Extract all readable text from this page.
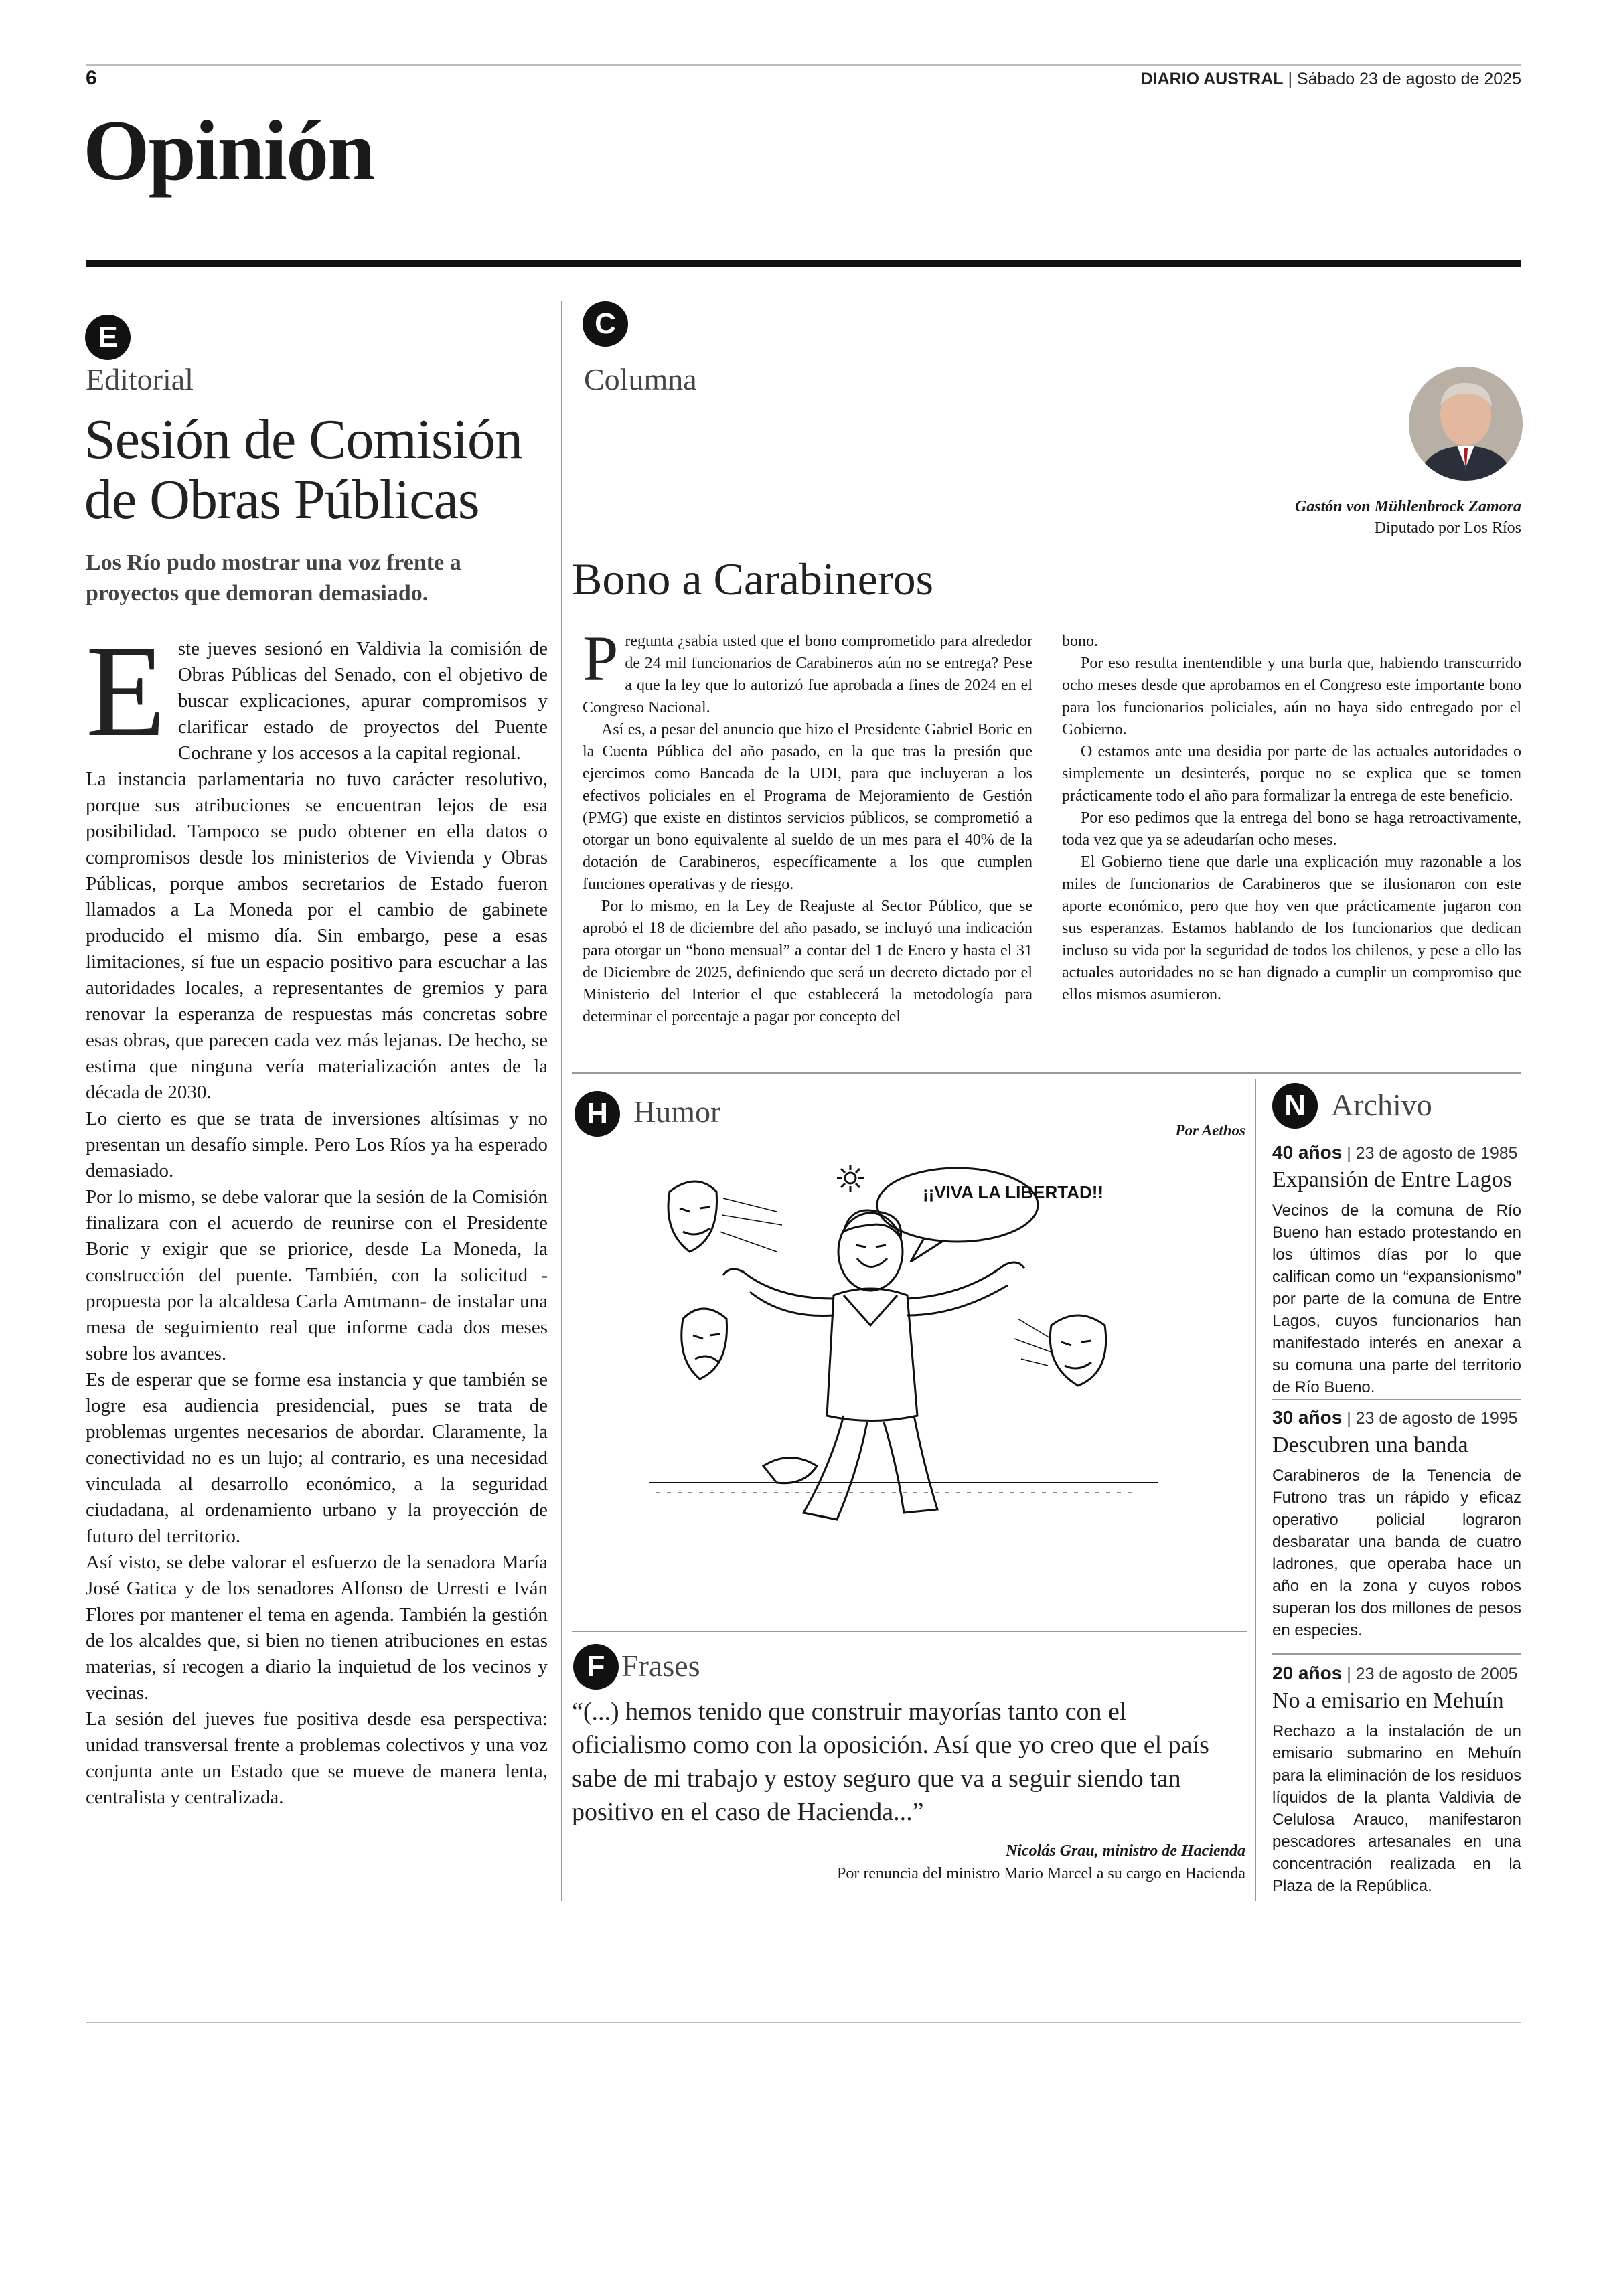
6	DIARIO AUSTRAL | Sábado 23 de agosto de 2025
Opinión
E
Editorial
Sesión de Comisión de Obras Públicas
Los Río pudo mostrar una voz frente a proyectos que demoran demasiado.
E ste jueves sesionó en Valdivia la comisión de Obras Públicas del Senado, con el objetivo de buscar explicaciones, apurar compromisos y clarificar estado de proyectos del Puente Cochrane y los accesos a la capital regional.

La instancia parlamentaria no tuvo carácter resolutivo, porque sus atribuciones se encuentran lejos de esa posibilidad. Tampoco se pudo obtener en ella datos o compromisos desde los ministerios de Vivienda y Obras Públicas, porque ambos secretarios de Estado fueron llamados a La Moneda por el cambio de gabinete producido el mismo día. Sin embargo, pese a esas limitaciones, sí fue un espacio positivo para escuchar a las autoridades locales, a representantes de gremios y para renovar la esperanza de respuestas más concretas sobre esas obras, que parecen cada vez más lejanas. De hecho, se estima que ninguna vería materialización antes de la década de 2030.

Lo cierto es que se trata de inversiones altísimas y no presentan un desafío simple. Pero Los Ríos ya ha esperado demasiado.

Por lo mismo, se debe valorar que la sesión de la Comisión finalizara con el acuerdo de reunirse con el Presidente Boric y exigir que se priorice, desde La Moneda, la construcción del puente. También, con la solicitud -propuesta por la alcaldesa Carla Amtmann- de instalar una mesa de seguimiento real que informe cada dos meses sobre los avances.

Es de esperar que se forme esa instancia y que también se logre esa audiencia presidencial, pues se trata de problemas urgentes necesarios de abordar. Claramente, la conectividad no es un lujo; al contrario, es una necesidad vinculada al desarrollo económico, a la seguridad ciudadana, al ordenamiento urbano y la proyección de futuro del territorio.

Así visto, se debe valorar el esfuerzo de la senadora María José Gatica y de los senadores Alfonso de Urresti e Iván Flores por mantener el tema en agenda. También la gestión de los alcaldes que, si bien no tienen atribuciones en estas materias, sí recogen a diario la inquietud de los vecinos y vecinas.

La sesión del jueves fue positiva desde esa perspectiva: unidad transversal frente a problemas colectivos y una voz conjunta ante un Estado que se mueve de manera lenta, centralista y centralizada.

C
Columna
Gastón von Mühlenbrock Zamora
Diputado por Los Ríos
Bono a Carabineros
P regunta ¿sabía usted que el bono comprometido para alrededor de 24 mil funcionarios de Carabineros aún no se entrega? Pese a que la ley que lo autorizó fue aprobada a fines de 2024 en el Congreso Nacional.

Así es, a pesar del anuncio que hizo el Presidente Gabriel Boric en la Cuenta Pública del año pasado, en la que tras la presión que ejercimos como Bancada de la UDI, para que incluyeran a los efectivos policiales en el Programa de Mejoramiento de Gestión (PMG) que existe en distintos servicios públicos, se comprometió a otorgar un bono equivalente al sueldo de un mes para el 40% de la dotación de Carabineros, específicamente a los que cumplen funciones operativas y de riesgo.

Por lo mismo, en la Ley de Reajuste al Sector Público, que se aprobó el 18 de diciembre del año pasado, se incluyó una indicación para otorgar un “bono mensual” a contar del 1 de Enero y hasta el 31 de Diciembre de 2025, definiendo que será un decreto dictado por el Ministerio del Interior el que establecerá la metodología para determinar el porcentaje a pagar por concepto del

bono.

Por eso resulta inentendible y una burla que, habiendo transcurrido ocho meses desde que aprobamos en el Congreso este importante bono para los funcionarios policiales, aún no haya sido entregado por el Gobierno.

O estamos ante una desidia por parte de las actuales autoridades o simplemente un desinterés, porque no se explica que se tomen prácticamente todo el año para formalizar la entrega de este beneficio.

Por eso pedimos que la entrega del bono se haga retroactivamente, toda vez que ya se adeudarían ocho meses.

El Gobierno tiene que darle una explicación muy razonable a los miles de funcionarios de Carabineros que se ilusionaron con este aporte económico, pero que hoy ven que prácticamente jugaron con sus esperanzas. Estamos hablando de los funcionarios que dedican incluso su vida por la seguridad de todos los chilenos, y pese a ello las actuales autoridades no se han dignado a cumplir un compromiso que ellos mismos asumieron.

H Humor
Por Aethos
¡¡VIVA LA LIBERTAD!!
F Frases
“(...) hemos tenido que construir mayorías tanto con el oficialismo como con la oposición. Así que yo creo que el país sabe de mi trabajo y estoy seguro que va a seguir siendo tan positivo en el caso de Hacienda...”
Nicolás Grau, ministro de Hacienda
Por renuncia del ministro Mario Marcel a su cargo en Hacienda
N Archivo
40 años | 23 de agosto de 1985
Expansión de Entre Lagos
Vecinos de la comuna de Río Bueno han estado protestando en los últimos días por lo que califican como un “expansionismo” por parte de la comuna de Entre Lagos, cuyos funcionarios han manifestado interés en anexar a su comuna una parte del territorio de Río Bueno.
30 años | 23 de agosto de 1995
Descubren una banda
Carabineros de la Tenencia de Futrono tras un rápido y eficaz operativo policial lograron desbaratar una banda de cuatro ladrones, que operaba hace un año en la zona y cuyos robos superan los dos millones de pesos en especies.
20 años | 23 de agosto de 2005
No a emisario en Mehuín
Rechazo a la instalación de un emisario submarino en Mehuín para la eliminación de los residuos líquidos de la planta Valdivia de Celulosa Arauco, manifestaron pescadores artesanales en una concentración realizada en la Plaza de la República.
